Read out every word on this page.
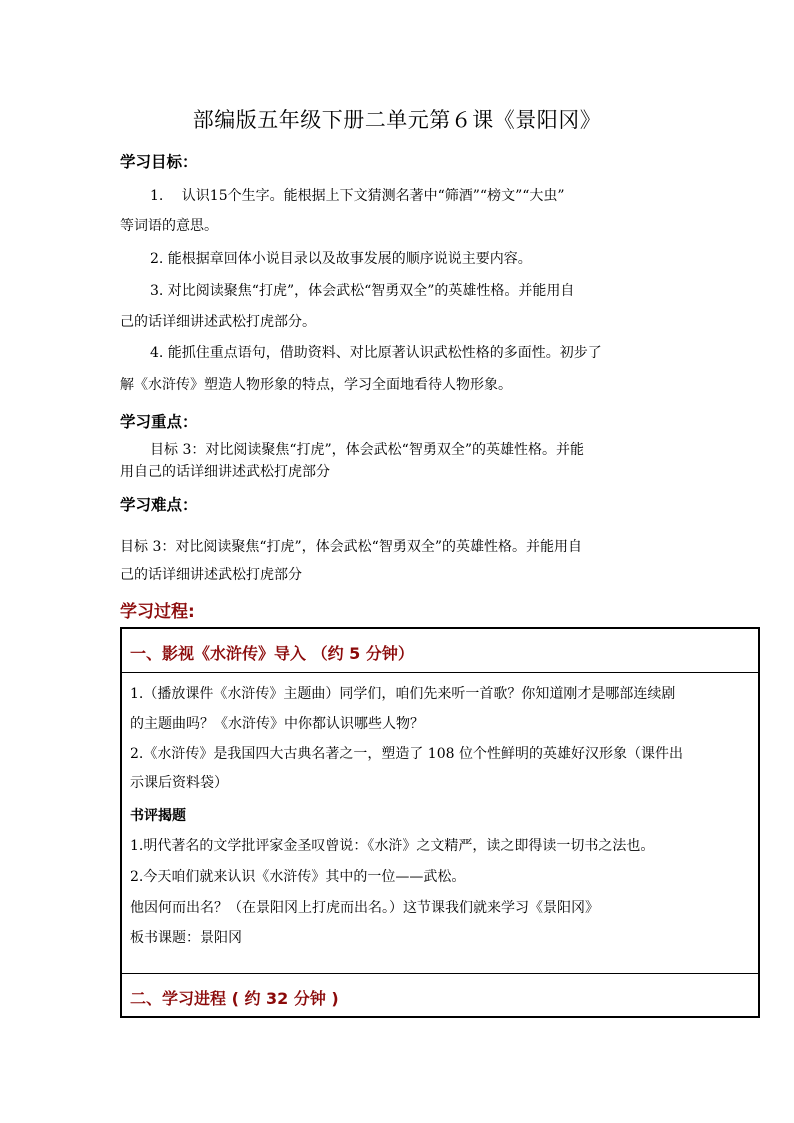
部编版五年级下册二单元第６课《景阳冈》
学习目标：
1.　 认识15个生字。能根据上下文猜测名著中“筛酒”“榜文”“大虫”
等词语的意思。
2. 能根据章回体小说目录以及故事发展的顺序说说主要内容。
3. 对比阅读聚焦“打虎”，体会武松“智勇双全”的英雄性格。并能用自
己的话详细讲述武松打虎部分。
4. 能抓住重点语句，借助资料、对比原著认识武松性格的多面性。初步了
解《水浒传》塑造人物形象的特点，学习全面地看待人物形象。
学习重点：
目标 3：对比阅读聚焦“打虎”，体会武松“智勇双全”的英雄性格。并能
用自己的话详细讲述武松打虎部分
学习难点：
目标 3：对比阅读聚焦“打虎”，体会武松“智勇双全”的英雄性格。并能用自
己的话详细讲述武松打虎部分
学习过程:
一、影视《水浒传》导入 （约 5 分钟）
1.（播放课件《水浒传》主题曲）同学们，咱们先来听一首歌？你知道刚才是哪部连续剧
的主题曲吗？《水浒传》中你都认识哪些人物？
2.《水浒传》是我国四大古典名著之一，塑造了 108 位个性鲜明的英雄好汉形象（课件出
示课后资料袋）
书评揭题
1.明代著名的文学批评家金圣叹曾说：《水浒》之文精严，读之即得读一切书之法也。
2.今天咱们就来认识《水浒传》其中的一位——武松。
他因何而出名？（在景阳冈上打虎而出名。）这节课我们就来学习《景阳冈》
板书课题：景阳冈
二、学习进程 ( 约 32 分钟 )
